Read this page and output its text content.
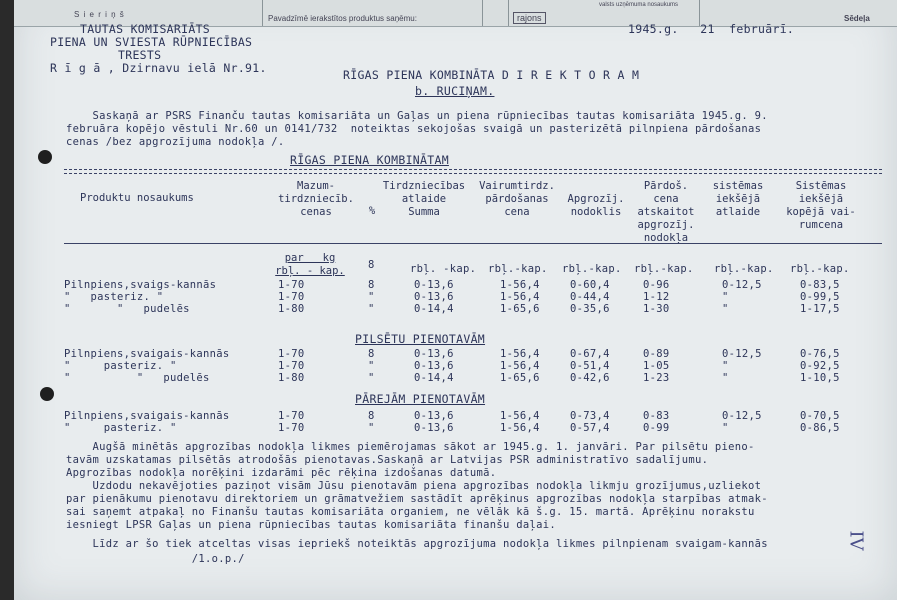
S i e r i ņ š	Pavadzīmē ierakstītos produktus saņēmu:	rajons
valsts uzņēmuma nosaukums
Sēdeļa
1945.g.   21  februārī.
TAUTAS KOMISARIĀTS
PIENA UN SVIESTA RŪPNIECĪBAS
TRESTS
R ī g ā , Dzirnavu ielā Nr.91.	RĪGAS PIENA KOMBINĀTA D I R E K T O R A M
b. RUCIŅAM.
Saskaņā ar PSRS Finanču tautas komisariāta un Gaļas un piena rūpniecības tautas komisariāta 1945.g. 9.
februāra kopējo vēstuli Nr.60 un 0141/732  noteiktas sekojošas svaigā un pasterizētā pilnpiena pārdošanas
cenas /bez apgrozījuma nodokļa /.
RĪGAS PIENA KOMBINĀTAM
Produktu nosaukums
Mazum-
tirdzniecīb.
cenas	%
Tirdzniecības
atlaide
Summa
Vairumtirdz.
pārdošanas
cena
Apgrozīj.
nodoklis
Pārdoš.
cena
atskaitot
apgrozīj.
nodokļa
sistēmas
iekšējā
atlaide
Sistēmas
iekšējā
kopējā vai-
rumcena
par   kg
rbļ. - kap.	8	rbļ. -kap. rbļ.-kap. rbļ.-kap. rbļ.-kap. rbļ.-kap. rbļ.-kap.
Pilnpiens,svaigs-kannās	1-70	8	0-13,6	1-56,4	0-60,4	0-96	0-12,5	0-83,5
"   pasteriz. "	1-70	"	0-13,6	1-56,4	0-44,4	1-12	"	0-99,5
"       "   pudelēs	1-80	"	0-14,4	1-65,6	0-35,6	1-30	"	1-17,5
PILSĒTU PIENOTAVĀM
Pilnpiens,svaigais-kannās	1-70	8	0-13,6	1-56,4	0-67,4	0-89	0-12,5	0-76,5
"     pasteriz. "	1-70	"	0-13,6	1-56,4	0-51,4	1-05	"	0-92,5
"          "   pudelēs	1-80	"	0-14,4	1-65,6	0-42,6	1-23	"	1-10,5
PĀREJĀM PIENOTAVĀM
Pilnpiens,svaigais-kannās	1-70	8	0-13,6	1-56,4	0-73,4	0-83	0-12,5	0-70,5
"     pasteriz. "	1-70	"	0-13,6	1-56,4	0-57,4	0-99	"	0-86,5
Augšā minētās apgrozības nodokļa likmes piemērojamas sākot ar 1945.g. 1. janvāri. Par pilsētu pieno-
tavām uzskatamas pilsētās atrodošās pienotavas.Saskaņā ar Latvijas PSR administratīvo sadalījumu.
Apgrozības nodokļa norēķini izdarāmi pēc rēķina izdošanas datumā.
Uzdodu nekavējoties paziņot visām Jūsu pienotavām piena apgrozības nodokļa likmju grozījumus,uzliekot
par pienākumu pienotavu direktoriem un grāmatvežiem sastādīt aprēķinus apgrozības nodokļa starpības atmak-
sai saņemt atpakaļ no Finanšu tautas komisariāta organiem, ne vēlāk kā š.g. 15. martā. Aprēķinu norakstu
iesniegt LPSR Gaļas un piena rūpniecības tautas komisariāta finanšu daļai.
Līdz ar šo tiek atceltas visas iepriekš noteiktās apgrozījuma nodokļa likmes pilnpienam svaigam-kannās
/1.o.p./
IV
